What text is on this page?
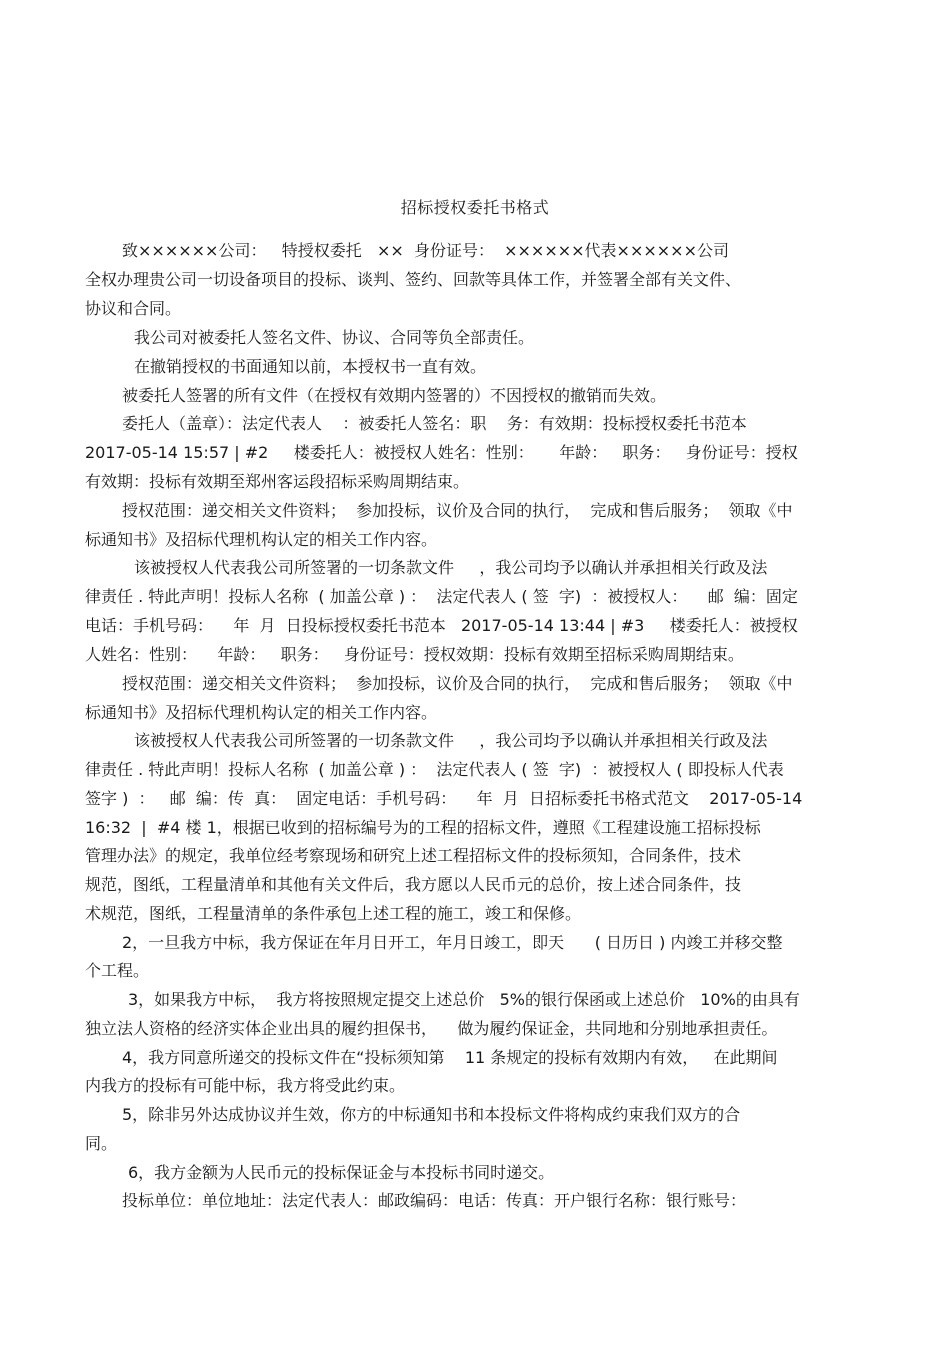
招标授权委托书格式
致××××××公司：   特授权委托   ××  身份证号：  ××××××代表××××××公司
全权办理贵公司一切设备项目的投标、谈判、签约、回款等具体工作，并签署全部有关文件、
协议和合同。
我公司对被委托人签名文件、协议、合同等负全部责任。
在撤销授权的书面通知以前，本授权书一直有效。
被委托人签署的所有文件（在授权有效期内签署的）不因授权的撤销而失效。
委托人（盖章）：法定代表人    ：被委托人签名：职    务：有效期：投标授权委托书范本
2017-05-14 15:57 | #2     楼委托人：被授权人姓名：性别：     年龄：   职务：   身份证号：授权
有效期：投标有效期至郑州客运段招标采购周期结束。
授权范围：递交相关文件资料；  参加投标，议价及合同的执行，  完成和售后服务；  领取《中
标通知书》及招标代理机构认定的相关工作内容。
该被授权人代表我公司所签署的一切条款文件     ，我公司均予以确认并承担相关行政及法
律责任 . 特此声明！投标人名称  ( 加盖公章 ) ：  法定代表人 ( 签  字)  ：被授权人：    邮  编：固定
电话：手机号码：    年  月  日投标授权委托书范本   2017-05-14 13:44 | #3     楼委托人：被授权
人姓名：性别：    年龄：   职务：   身份证号：授权效期：投标有效期至招标采购周期结束。
授权范围：递交相关文件资料；  参加投标，议价及合同的执行，  完成和售后服务；  领取《中
标通知书》及招标代理机构认定的相关工作内容。
该被授权人代表我公司所签署的一切条款文件     ，我公司均予以确认并承担相关行政及法
律责任 . 特此声明！投标人名称  ( 加盖公章 ) ：  法定代表人 ( 签  字)  ：被授权人 ( 即投标人代表
签字 )  ：   邮  编：传  真：  固定电话：手机号码：    年  月  日招标委托书格式范文    2017-05-14
16:32  |  #4 楼 1，根据已收到的招标编号为的工程的招标文件，遵照《工程建设施工招标投标
管理办法》的规定，我单位经考察现场和研究上述工程招标文件的投标须知，合同条件，技术
规范，图纸，工程量清单和其他有关文件后，我方愿以人民币元的总价，按上述合同条件，技
术规范，图纸，工程量清单的条件承包上述工程的施工，竣工和保修。
2，一旦我方中标，我方保证在年月日开工，年月日竣工，即天      ( 日历日 ) 内竣工并移交整
个工程。
3，如果我方中标，  我方将按照规定提交上述总价   5%的银行保函或上述总价   10%的由具有
独立法人资格的经济实体企业出具的履约担保书，    做为履约保证金，共同地和分别地承担责任。
4，我方同意所递交的投标文件在“投标须知第    11 条规定的投标有效期内有效，   在此期间
内我方的投标有可能中标，我方将受此约束。
5，除非另外达成协议并生效，你方的中标通知书和本投标文件将构成约束我们双方的合
同。
6，我方金额为人民币元的投标保证金与本投标书同时递交。
投标单位：单位地址：法定代表人：邮政编码：电话：传真：开户银行名称：银行账号：
